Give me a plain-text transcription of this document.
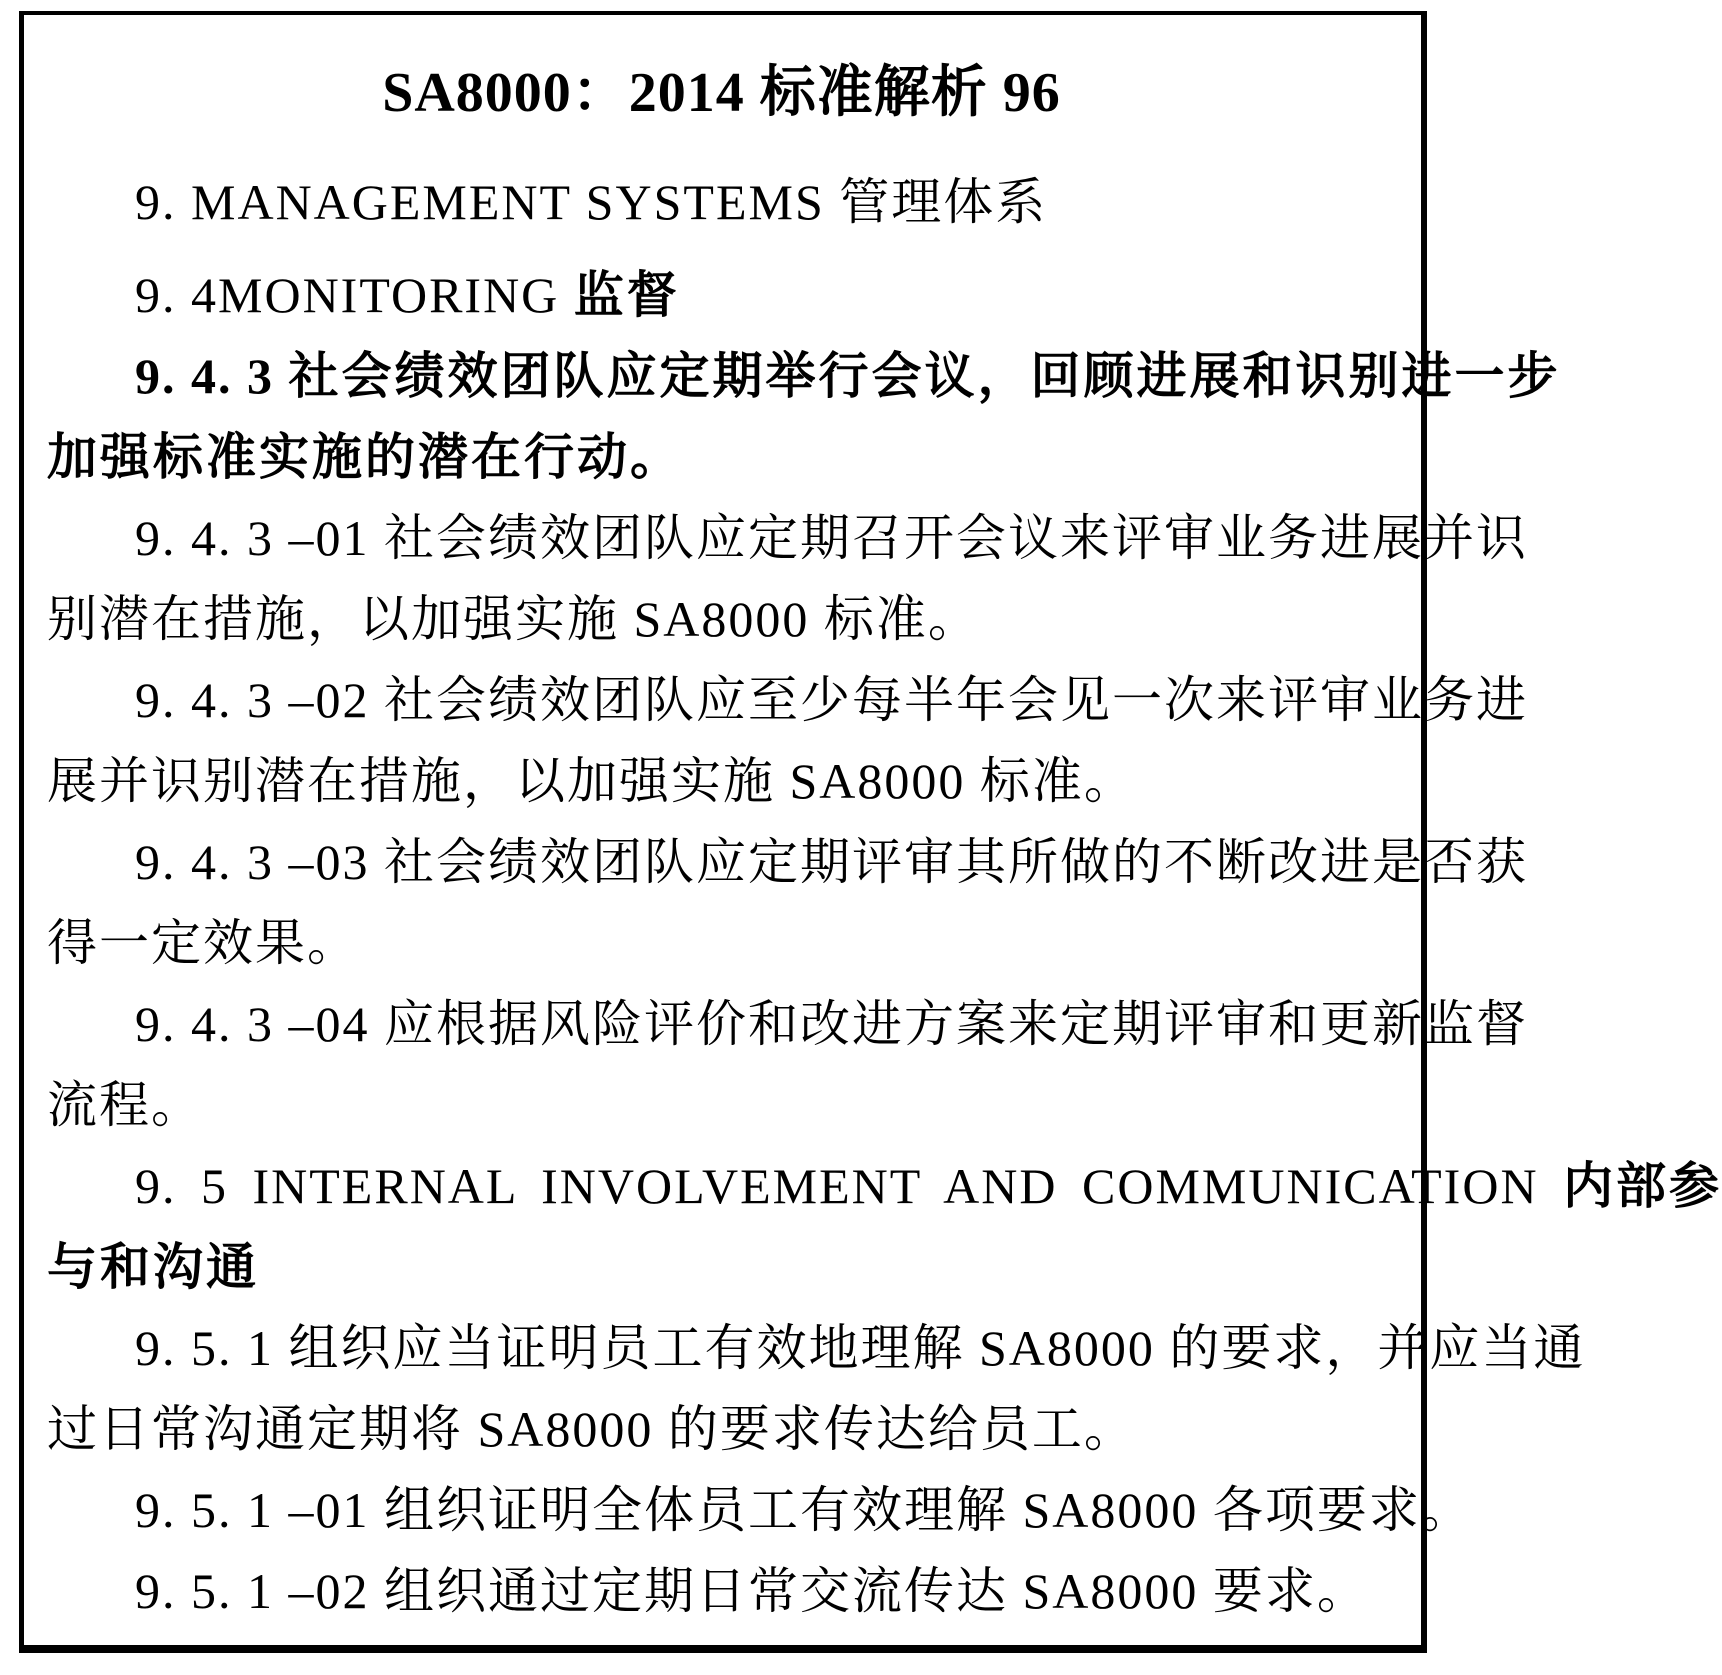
SA8000：2014 标准解析 96
9. MANAGEMENT SYSTEMS 管理体系
9. 4MONITORING 监督
9. 4. 3 社会绩效团队应定期举行会议，回顾进展和识别进一步
加强标准实施的潜在行动。
9. 4. 3 –01 社会绩效团队应定期召开会议来评审业务进展并识
别潜在措施，以加强实施 SA8000 标准。
9. 4. 3 –02 社会绩效团队应至少每半年会见一次来评审业务进
展并识别潜在措施，以加强实施 SA8000 标准。
9. 4. 3 –03 社会绩效团队应定期评审其所做的不断改进是否获
得一定效果。
9. 4. 3 –04 应根据风险评价和改进方案来定期评审和更新监督
流程。
9. 5 INTERNAL INVOLVEMENT AND COMMUNICATION 内部参
与和沟通
9. 5. 1 组织应当证明员工有效地理解 SA8000 的要求，并应当通
过日常沟通定期将 SA8000 的要求传达给员工。
9. 5. 1 –01 组织证明全体员工有效理解 SA8000 各项要求。
9. 5. 1 –02 组织通过定期日常交流传达 SA8000 要求。
